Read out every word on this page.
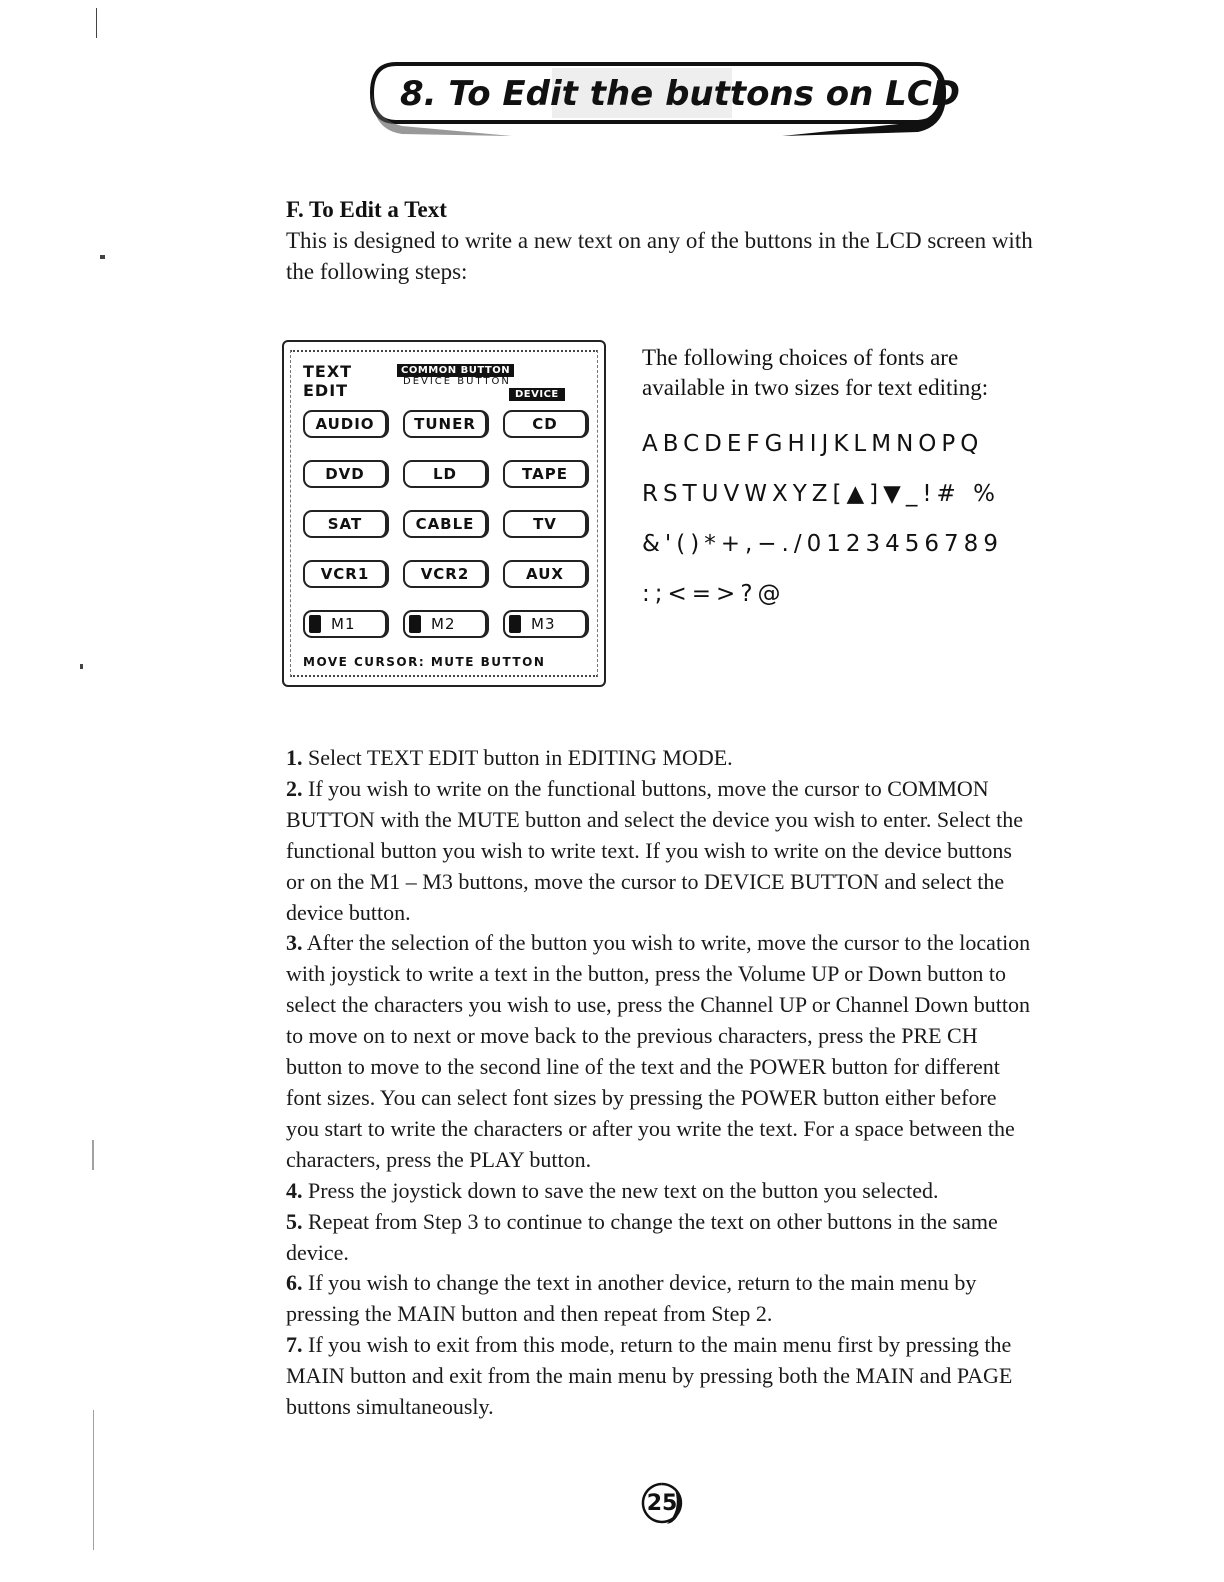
8. To Edit the buttons on LCD
F. To Edit a Text
This is designed to write a new text on any of the buttons in the LCD screen with the following steps:
TEXT
EDIT
COMMON BUTTON
DEVICE BUTTON
DEVICE
AUDIO	TUNER	CD
DVD	LD	TAPE
SAT	CABLE	TV
VCR1	VCR2	AUX
M1	M2	M3
MOVE CURSOR: MUTE BUTTON
The following choices of fonts are available in two sizes for text editing:
ABCDEFGHIJKLMNOPQ
RSTUVWXYZ[▲]▼_!# %
&'()*+,−./0123456789
:;<=>?@

1. Select TEXT EDIT button in EDITING MODE.

2. If you wish to write on the functional buttons, move the cursor to COMMON BUTTON with the MUTE button and select the device you wish to enter. Select the functional button you wish to write text. If you wish to write on the device buttons or on the M1 – M3 buttons, move the cursor to DEVICE BUTTON and select the device button.

3. After the selection of the button you wish to write, move the cursor to the location with joystick to write a text in the button, press the Volume UP or Down button to select the characters you wish to use, press the Channel UP or Channel Down button to move on to next or move back to the previous characters, press the PRE CH button to move to the second line of the text and the POWER button for different font sizes. You can select font sizes by pressing the POWER button either before you start to write the characters or after you write the text. For a space between the characters, press the PLAY button.

4. Press the joystick down to save the new text on the button you selected.

5. Repeat from Step 3 to continue to change the text on other buttons in the same device.

6. If you wish to change the text in another device, return to the main menu by pressing the MAIN button and then repeat from Step 2.

7. If you wish to exit from this mode, return to the main menu first by pressing the MAIN button and exit from the main menu by pressing both the MAIN and PAGE buttons simultaneously.

25
